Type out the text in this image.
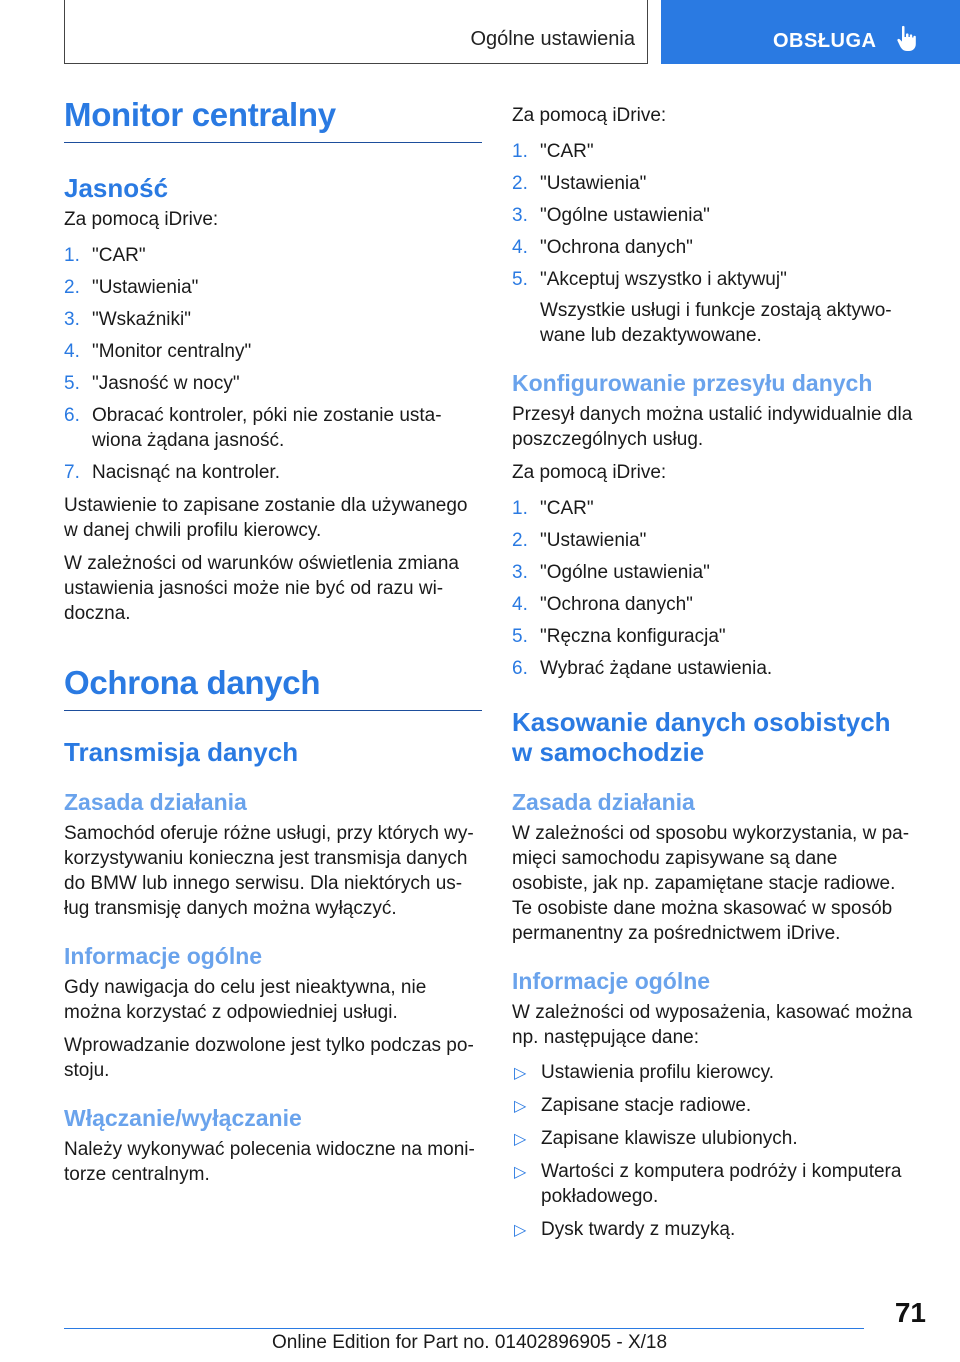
Ogólne ustawienia	OBSŁUGA
Monitor centralny
Jasność

Za pomocą iDrive:

1. "CAR"
2. "Ustawienia"
3. "Wskaźniki"
4. "Monitor centralny"
5. "Jasność w nocy"
6. Obracać kontroler, póki nie zostanie usta- wiona żądana jasność.
7. Nacisnąć na kontroler.

Ustawienie to zapisane zostanie dla używanego w danej chwili profilu kierowcy.

W zależności od warunków oświetlenia zmiana ustawienia jasności może nie być od razu wi- doczna.

Ochrona danych
Transmisja danych
Zasada działania

Samochód oferuje różne usługi, przy których wy- korzystywaniu konieczna jest transmisja danych do BMW lub innego serwisu. Dla niektórych us- ług transmisję danych można wyłączyć.

Informacje ogólne

Gdy nawigacja do celu jest nieaktywna, nie można korzystać z odpowiedniej usługi.

Wprowadzanie dozwolone jest tylko podczas po- stoju.

Włączanie/wyłączanie

Należy wykonywać polecenia widoczne na moni- torze centralnym.

Za pomocą iDrive:

1. "CAR"
2. "Ustawienia"
3. "Ogólne ustawienia"
4. "Ochrona danych"
5. "Akceptuj wszystko i aktywuj"

Wszystkie usługi i funkcje zostają aktywo- wane lub dezaktywowane.

Konfigurowanie przesyłu danych

Przesył danych można ustalić indywidualnie dla poszczególnych usług.

Za pomocą iDrive:

1. "CAR"
2. "Ustawienia"
3. "Ogólne ustawienia"
4. "Ochrona danych"
5. "Ręczna konfiguracja"
6. Wybrać żądane ustawienia.
Kasowanie danych osobistych w samochodzie
Zasada działania

W zależności od sposobu wykorzystania, w pa- mięci samochodu zapisywane są dane osobiste, jak np. zapamiętane stacje radiowe. Te osobiste dane można skasować w sposób permanentny za pośrednictwem iDrive.

Informacje ogólne

W zależności od wyposażenia, kasować można np. następujące dane:

▷ Ustawienia profilu kierowcy.
▷ Zapisane stacje radiowe.
▷ Zapisane klawisze ulubionych.
▷ Wartości z komputera podróży i komputera pokładowego.
▷ Dysk twardy z muzyką.
71
Online Edition for Part no. 01402896905 - X/18
